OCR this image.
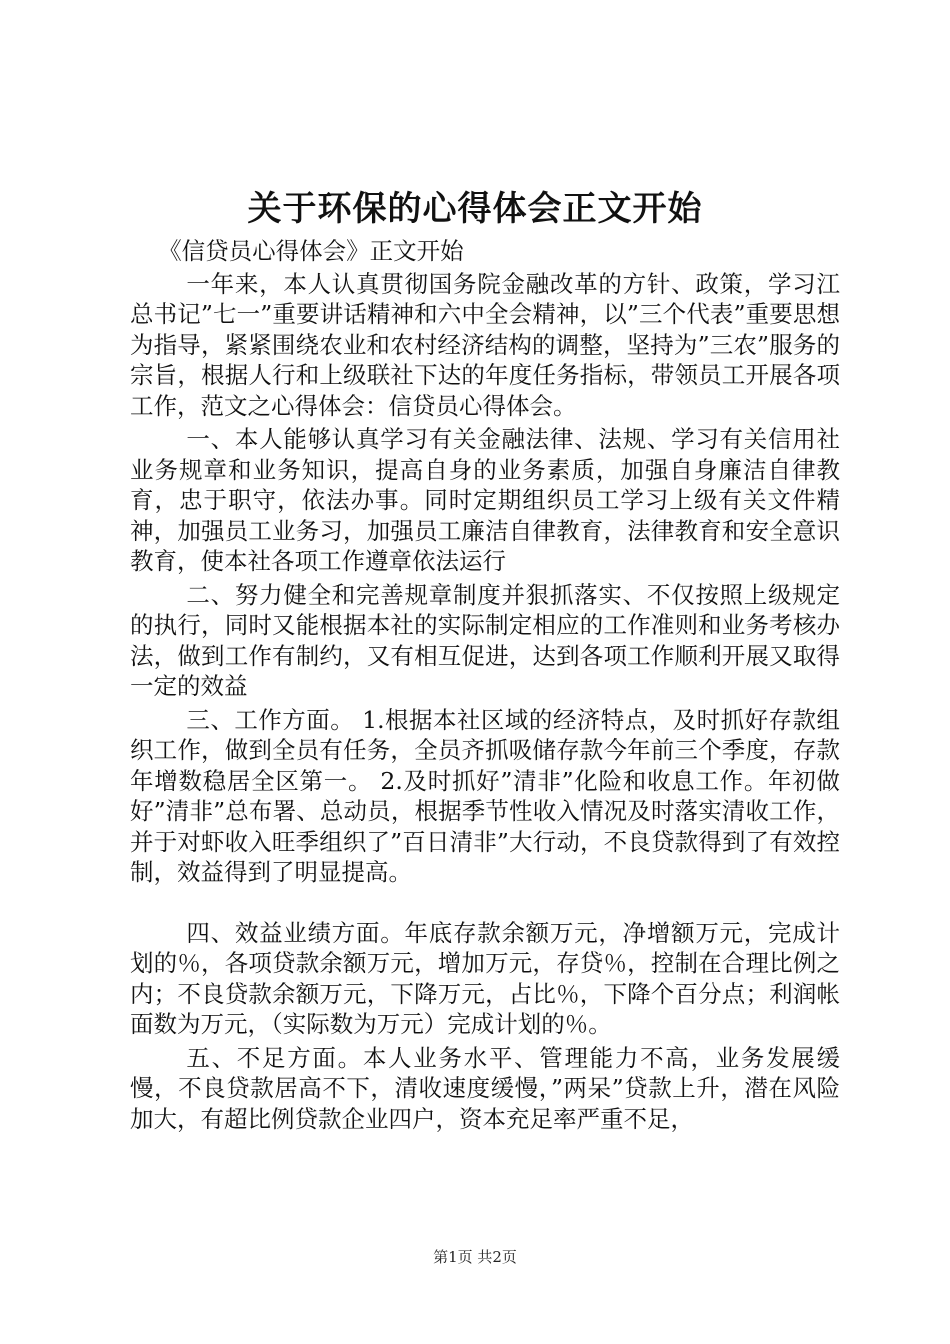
关于环保的心得体会正文开始

《信贷员心得体会》正文开始

一年来，本人认真贯彻国务院金融改革的方针、政策，学习江总书记”七一”重要讲话精神和六中全会精神，以”三个代表”重要思想为指导，紧紧围绕农业和农村经济结构的调整，坚持为”三农”服务的宗旨，根据人行和上级联社下达的年度任务指标，带领员工开展各项工作，范文之心得体会：信贷员心得体会。

一、本人能够认真学习有关金融法律、法规、学习有关信用社业务规章和业务知识，提高自身的业务素质，加强自身廉洁自律教育，忠于职守，依法办事。同时定期组织员工学习上级有关文件精神，加强员工业务习，加强员工廉洁自律教育，法律教育和安全意识教育，使本社各项工作遵章依法运行

二、努力健全和完善规章制度并狠抓落实、不仅按照上级规定的执行，同时又能根据本社的实际制定相应的工作准则和业务考核办法，做到工作有制约，又有相互促进，达到各项工作顺利开展又取得一定的效益

三、工作方面。 1.根据本社区域的经济特点，及时抓好存款组织工作，做到全员有任务，全员齐抓吸储存款今年前三个季度，存款年增数稳居全区第一。 2.及时抓好”清非”化险和收息工作。年初做好”清非”总布署、总动员，根据季节性收入情况及时落实清收工作，并于对虾收入旺季组织了”百日清非”大行动，不良贷款得到了有效控制，效益得到了明显提高。

四、效益业绩方面。年底存款余额万元，净增额万元，完成计划的％，各项贷款余额万元，增加万元，存贷％，控制在合理比例之内；不良贷款余额万元，下降万元，占比％，下降个百分点；利润帐面数为万元，（实际数为万元）完成计划的％。

五、不足方面。本人业务水平、管理能力不高，业务发展缓慢，不良贷款居高不下，清收速度缓慢，”两呆”贷款上升，潜在风险加大，有超比例贷款企业四户，资本充足率严重不足，

第1页 共2页
